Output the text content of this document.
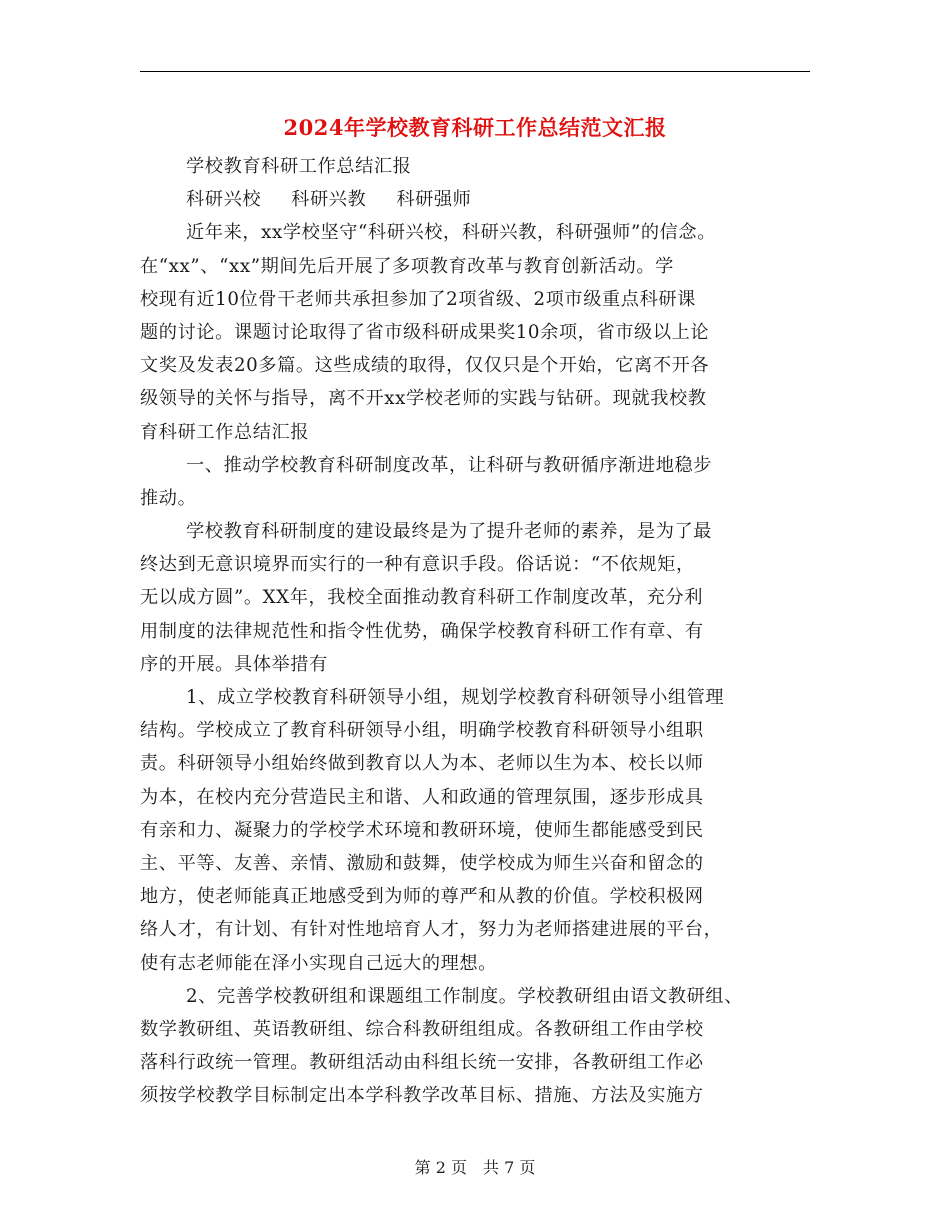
2024年学校教育科研工作总结范文汇报
学校教育科研工作总结汇报
科研兴校 科研兴教 科研强师
近年来，xx学校坚守“科研兴校，科研兴教，科研强师”的信念。
在“xx”、“xx”期间先后开展了多项教育改革与教育创新活动。学
校现有近10位骨干老师共承担参加了2项省级、2项市级重点科研课
题的讨论。课题讨论取得了省市级科研成果奖10余项，省市级以上论
文奖及发表20多篇。这些成绩的取得，仅仅只是个开始，它离不开各
级领导的关怀与指导，离不开xx学校老师的实践与钻研。现就我校教
育科研工作总结汇报
一、推动学校教育科研制度改革，让科研与教研循序渐进地稳步
推动。
学校教育科研制度的建设最终是为了提升老师的素养，是为了最
终达到无意识境界而实行的一种有意识手段。俗话说：“不依规矩，
无以成方圆”。XX年，我校全面推动教育科研工作制度改革，充分利
用制度的法律规范性和指令性优势，确保学校教育科研工作有章、有
序的开展。具体举措有
1、成立学校教育科研领导小组，规划学校教育科研领导小组管理
结构。学校成立了教育科研领导小组，明确学校教育科研领导小组职
责。科研领导小组始终做到教育以人为本、老师以生为本、校长以师
为本，在校内充分营造民主和谐、人和政通的管理氛围，逐步形成具
有亲和力、凝聚力的学校学术环境和教研环境，使师生都能感受到民
主、平等、友善、亲情、激励和鼓舞，使学校成为师生兴奋和留念的
地方，使老师能真正地感受到为师的尊严和从教的价值。学校积极网
络人才，有计划、有针对性地培育人才，努力为老师搭建进展的平台，
使有志老师能在泽小实现自己远大的理想。
2、完善学校教研组和课题组工作制度。学校教研组由语文教研组、
数学教研组、英语教研组、综合科教研组组成。各教研组工作由学校
落科行政统一管理。教研组活动由科组长统一安排，各教研组工作必
须按学校教学目标制定出本学科教学改革目标、措施、方法及实施方
第 2 页　共 7 页
